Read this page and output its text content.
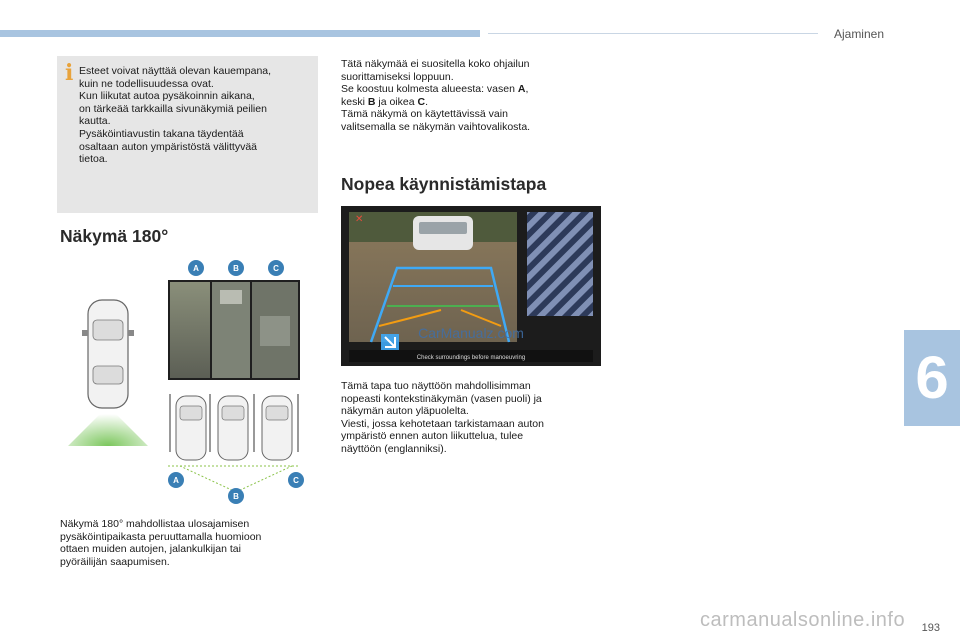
Ajaminen
6
i Esteet voivat näyttää olevan kauempana,

kuin ne todellisuudessa ovat.

Kun liikutat autoa pysäkoinnin aikana,

on tärkeää tarkkailla sivunäkymiä peilien

kautta.

Pysäköintiavustin takana täydentää

osaltaan auton ympäristöstä välittyvää

tietoa.

Näkymä 180°
A	B	C
A
B
C

Näkymä 180° mahdollistaa ulosajamisen

pysäköintipaikasta peruuttamalla huomioon

ottaen muiden autojen, jalankulkijan tai

pyöräilijän saapumisen.

Tätä näkymää ei suositella koko ohjailun

suorittamiseksi loppuun.

Se koostuu kolmesta alueesta: vasen A,

keski B ja oikea C.

Tämä näkymä on käytettävissä vain

valitsemalla se näkymän vaihtovalikosta.

Nopea käynnistämistapa
✕
Check surroundings before manoeuvring
CarManualz.com

Tämä tapa tuo näyttöön mahdollisimman

nopeasti kontekstinäkymän (vasen puoli) ja

näkymän auton yläpuolelta.

Viesti, jossa kehotetaan tarkistamaan auton

ympäristö ennen auton liikuttelua, tulee

näyttöön (englanniksi).

carmanualsonline.info 193
